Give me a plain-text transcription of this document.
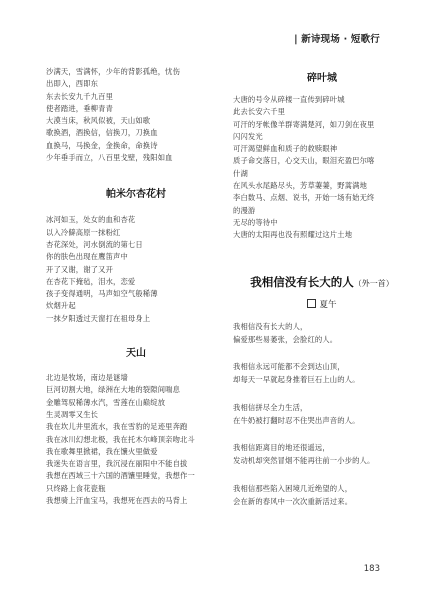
| 新诗现场 · 短歌行
沙满天，雪满怀，少年的背影孤绝，忧伤
出即入，西即东
东去长安九千九百里
使者踏进，垂柳青青
大漠当床，秋风似被，天山如歌
歌换酒，酒换信，信换刀，刀换血
血换马，马换金，金换命，命换诗
少年垂手而立，八百里戈壁，残阳如血
帕米尔杏花村
冰河如玉，处女的血和杏花
以入冷僻高原一抹粉红
杏花深处，河水倒流的第七日
你的肤色出现在鹰笛声中
开了又谢，谢了又开
在杏花下掩毡，泪水，恋爱
孩子变得通明，马声如空气般稀薄
炊烟升起
一抹夕阳透过天窗打在祖母身上
天山
北边是牧场，南边是谜墙
巨河切割大地，绿洲在大地的裂隙间喘息
金雕驾驭稀薄水汽，雪莲在山巅绽放
生灵凋零又生长
我在坎儿井里流水，我在雪豹的足迹里奔跑
我在冰川幻想北极，我在托木尔峰顶亲吻北斗
我在歌舞里掀裙，我在馕火里做爱
我迷失在语言里，我沉浸在丽阳中不能自拔
我想在西域三十六国的酒馕里睡觉，我想作一
只终路上食花瓷瓶
我想骑上汗血宝马，我想死在西去的马背上
碎叶城
大唐的号令从碎楼一直传到碎叶城
此去长安六千里
可汗的牙帐像羊群寄满楚河，如刀剑在夜里
闪闪发光
可汗渴望鲜血和质子的救赎眼神
质子命交落日，心交天山，眼泪充盈巴尔喀
什湖
在风头水尾路尽头，芳草萋萋，野蒿满地
李白数马、点烟、说书，开始一场有始无终
的漫游
无尽的等待中
大唐的太阳再也没有照耀过这片土地
我相信没有长大的人（外一首）
夏午
我相信没有长大的人，
偏爱那些易萎张，会脸红的人。
我相信永远可能都不会到达山顶，
却每天一早就起身推着巨石上山的人。
我相信拼尽全力生活，
在牛奶被打翻时忍不住哭出声音的人。
我相信距离目的地还很遥远，
发动机却突然冒烟不能再往前一小步的人。
我相信那些陷入困境几近绝望的人，
会在新的春风中一次次重新活过来。
183
